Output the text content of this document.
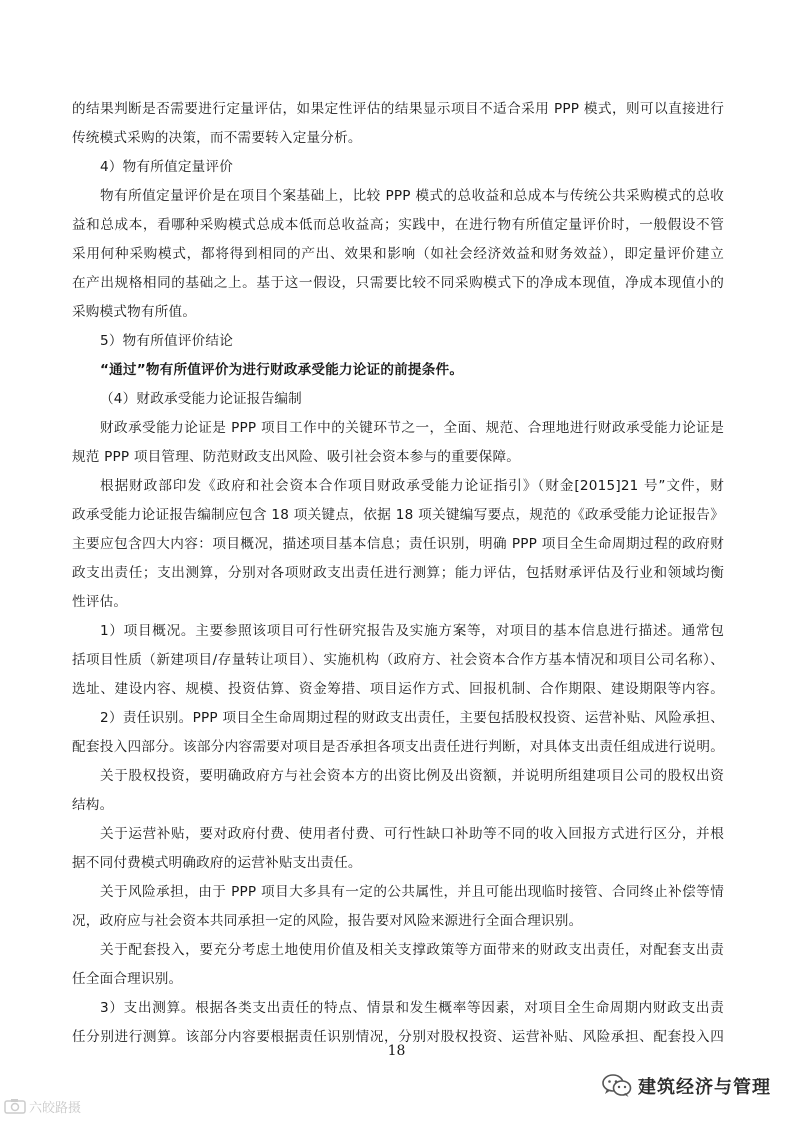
的结果判断是否需要进行定量评估，如果定性评估的结果显示项目不适合采用 PPP 模式，则可以直接进行
传统模式采购的决策，而不需要转入定量分析。
4）物有所值定量评价
物有所值定量评价是在项目个案基础上，比较 PPP 模式的总收益和总成本与传统公共采购模式的总收
益和总成本，看哪种采购模式总成本低而总收益高；实践中，在进行物有所值定量评价时，一般假设不管
采用何种采购模式，都将得到相同的产出、效果和影响（如社会经济效益和财务效益），即定量评价建立
在产出规格相同的基础之上。基于这一假设，只需要比较不同采购模式下的净成本现值，净成本现值小的
采购模式物有所值。
5）物有所值评价结论
“通过”物有所值评价为进行财政承受能力论证的前提条件。
（4）财政承受能力论证报告编制
财政承受能力论证是 PPP 项目工作中的关键环节之一，全面、规范、合理地进行财政承受能力论证是
规范 PPP 项目管理、防范财政支出风险、吸引社会资本参与的重要保障。
根据财政部印发《政府和社会资本合作项目财政承受能力论证指引》（财金[2015]21 号”文件，财
政承受能力论证报告编制应包含 18 项关键点，依据 18 项关键编写要点，规范的《政承受能力论证报告》
主要应包含四大内容：项目概况，描述项目基本信息；责任识别，明确 PPP 项目全生命周期过程的政府财
政支出责任；支出测算，分别对各项财政支出责任进行测算；能力评估，包括财承评估及行业和领域均衡
性评估。
1）项目概况。主要参照该项目可行性研究报告及实施方案等，对项目的基本信息进行描述。通常包
括项目性质（新建项目/存量转让项目）、实施机构（政府方、社会资本合作方基本情况和项目公司名称）、
选址、建设内容、规模、投资估算、资金筹措、项目运作方式、回报机制、合作期限、建设期限等内容。
2）责任识别。PPP 项目全生命周期过程的财政支出责任，主要包括股权投资、运营补贴、风险承担、
配套投入四部分。该部分内容需要对项目是否承担各项支出责任进行判断，对具体支出责任组成进行说明。
关于股权投资，要明确政府方与社会资本方的出资比例及出资额，并说明所组建项目公司的股权出资
结构。
关于运营补贴，要对政府付费、使用者付费、可行性缺口补助等不同的收入回报方式进行区分，并根
据不同付费模式明确政府的运营补贴支出责任。
关于风险承担，由于 PPP 项目大多具有一定的公共属性，并且可能出现临时接管、合同终止补偿等情
况，政府应与社会资本共同承担一定的风险，报告要对风险来源进行全面合理识别。
关于配套投入，要充分考虑土地使用价值及相关支撑政策等方面带来的财政支出责任，对配套支出责
任全面合理识别。
3）支出测算。根据各类支出责任的特点、情景和发生概率等因素，对项目全生命周期内财政支出责
任分别进行测算。该部分内容要根据责任识别情况，分别对股权投资、运营补贴、风险承担、配套投入四
18
六皎路摄
建筑经济与管理
